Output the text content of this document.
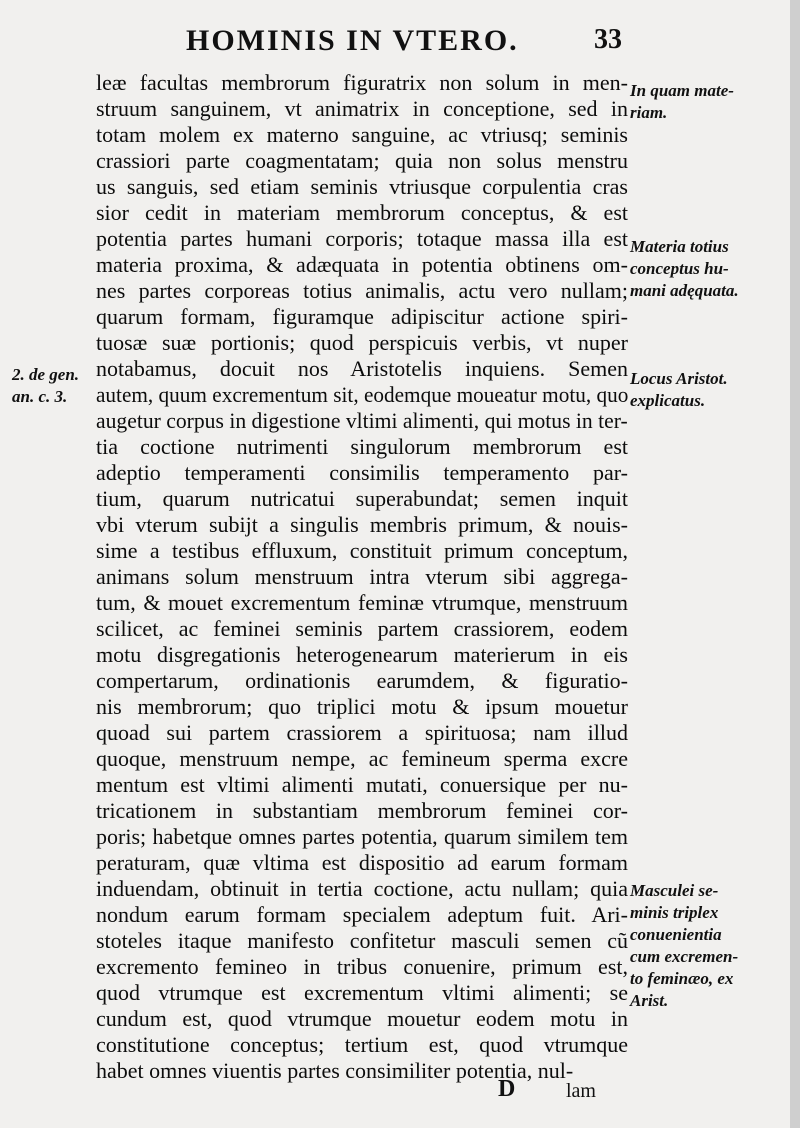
HOMINIS IN VTERO.	33
leæ facultas membrorum figuratrix non solum in men-
struum sanguinem, vt animatrix in conceptione, sed in
totam molem ex materno sanguine, ac vtriusq; seminis
crassiori parte coagmentatam; quia non solus menstru
us sanguis, sed etiam seminis vtriusque corpulentia cras
sior cedit in materiam membrorum conceptus, & est
potentia partes humani corporis; totaque massa illa est
materia proxima, & adæquata in potentia obtinens om-
nes partes corporeas totius animalis, actu vero nullam;
quarum formam, figuramque adipiscitur actione spiri-
tuosæ suæ portionis; quod perspicuis verbis, vt nuper
notabamus, docuit nos Aristotelis inquiens. Semen
autem, quum excrementum sit, eodemque moueatur motu, quo
augetur corpus in digestione vltimi alimenti, qui motus in ter-
tia coctione nutrimenti singulorum membrorum est
adeptio temperamenti consimilis temperamento par-
tium, quarum nutricatui superabundat; semen inquit
vbi vterum subijt a singulis membris primum, & nouis-
sime a testibus effluxum, constituit primum conceptum,
animans solum menstruum intra vterum sibi aggrega-
tum, & mouet excrementum feminæ vtrumque, menstruum
scilicet, ac feminei seminis partem crassiorem, eodem
motu disgregationis heterogenearum materierum in eis
compertarum, ordinationis earumdem, & figuratio-
nis membrorum; quo triplici motu & ipsum mouetur
quoad sui partem crassiorem a spirituosa; nam illud
quoque, menstruum nempe, ac femineum sperma excre
mentum est vltimi alimenti mutati, conuersique per nu-
tricationem in substantiam membrorum feminei cor-
poris; habetque omnes partes potentia, quarum similem tem
peraturam, quæ vltima est dispositio ad earum formam
induendam, obtinuit in tertia coctione, actu nullam; quia
nondum earum formam specialem adeptum fuit. Ari-
stoteles itaque manifesto confitetur masculi semen cũ
excremento femineo in tribus conuenire, primum est,
quod vtrumque est excrementum vltimi alimenti; se
cundum est, quod vtrumque mouetur eodem motu in
constitutione conceptus; tertium est, quod vtrumque
habet omnes viuentis partes consimiliter potentia, nul-
In quam mate-
riam.
Materia totius
conceptus hu-
mani adęquata.
Locus Aristot.
explicatus.
Masculei se-
minis triplex
conuenientia
cum excremen-
to feminæo, ex
Arist.
2. de gen.
an. c. 3.
D	lam
